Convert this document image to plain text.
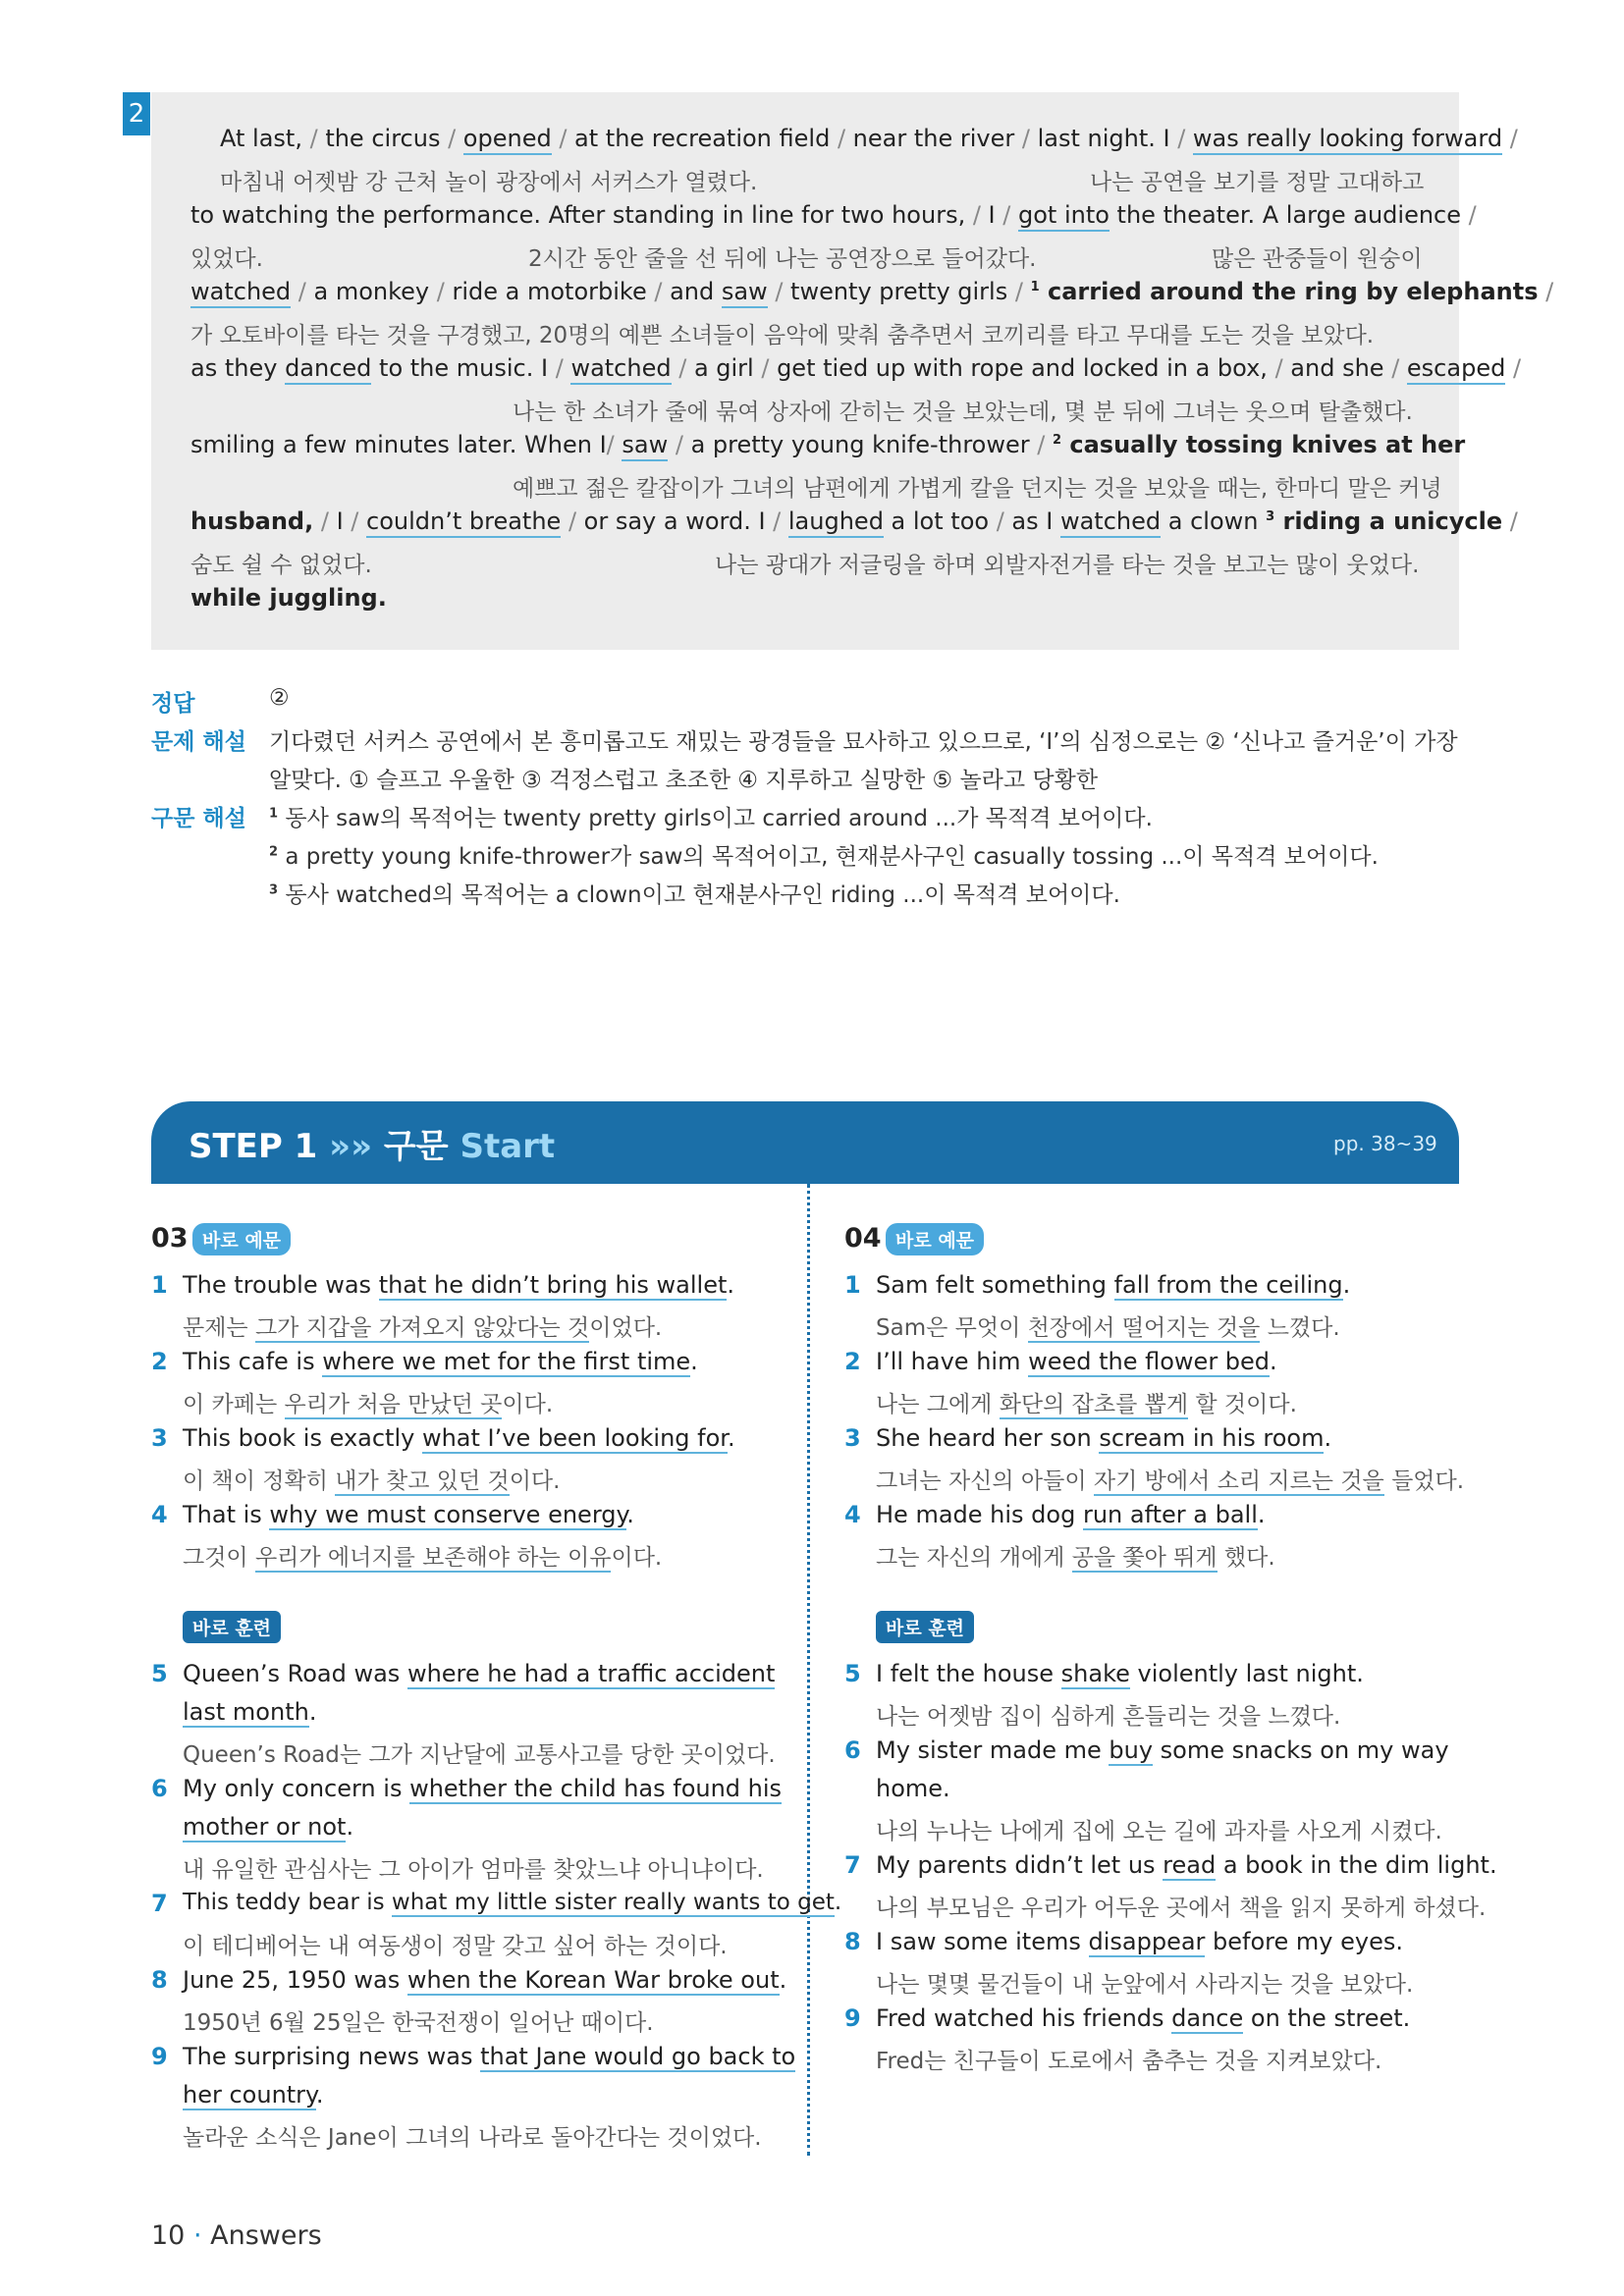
2
At last, / the circus / opened / at the recreation field / near the river / last night. I / was really looking forward /
마침내 어젯밤 강 근처 놀이 광장에서 서커스가 열렸다.	나는 공연을 보기를 정말 고대하고
to watching the performance. After standing in line for two hours, / I / got into the theater. A large audience /
있었다.	2시간 동안 줄을 선 뒤에 나는 공연장으로 들어갔다.	많은 관중들이 원숭이
watched / a monkey / ride a motorbike / and saw / twenty pretty girls / $^1$ carried around the ring by elephants /
가 오토바이를 타는 것을 구경했고, 20명의 예쁜 소녀들이 음악에 맞춰 춤추면서 코끼리를 타고 무대를 도는 것을 보았다.
as they danced to the music. I / watched / a girl / get tied up with rope and locked in a box, / and she / escaped /
나는 한 소녀가 줄에 묶여 상자에 갇히는 것을 보았는데, 몇 분 뒤에 그녀는 웃으며 탈출했다.
smiling a few minutes later. When I/ saw / a pretty young knife-thrower / $^2$ casually tossing knives at her
예쁘고 젊은 칼잡이가 그녀의 남편에게 가볍게 칼을 던지는 것을 보았을 때는, 한마디 말은 커녕
husband, / I / couldn’t breathe / or say a word. I / laughed a lot too / as I watched a clown $^3$ riding a unicycle /
숨도 쉴 수 없었다.	나는 광대가 저글링을 하며 외발자전거를 타는 것을 보고는 많이 웃었다.
while juggling.
정답	②
문제 해설 기다렸던 서커스 공연에서 본 흥미롭고도 재밌는 광경들을 묘사하고 있으므로, ‘I’의 심정으로는 ② ‘신나고 즐거운’이 가장
알맞다. ① 슬프고 우울한 ③ 걱정스럽고 초조한 ④ 지루하고 실망한 ⑤ 놀라고 당황한
구문 해설 $^1$ 동사 saw의 목적어는 twenty pretty girls이고 carried around ...가 목적격 보어이다.
$^2$ a pretty young knife-thrower가 saw의 목적어이고, 현재분사구인 casually tossing ...이 목적격 보어이다.
$^3$ 동사 watched의 목적어는 a clown이고 현재분사구인 riding ...이 목적격 보어이다.
STEP 1 »» 구문 Start	pp. 38~39
03 바로 예문
1 The trouble was that he didn’t bring his wallet.
문제는 그가 지갑을 가져오지 않았다는 것이었다.
2 This cafe is where we met for the first time.
이 카페는 우리가 처음 만났던 곳이다.
3 This book is exactly what I’ve been looking for.
이 책이 정확히 내가 찾고 있던 것이다.
4 That is why we must conserve energy.
그것이 우리가 에너지를 보존해야 하는 이유이다.
바로 훈련
5 Queen’s Road was where he had a traffic accident
last month.
Queen’s Road는 그가 지난달에 교통사고를 당한 곳이었다.
6 My only concern is whether the child has found his
mother or not.
내 유일한 관심사는 그 아이가 엄마를 찾았느냐 아니냐이다.
7 This teddy bear is what my little sister really wants to get.
이 테디베어는 내 여동생이 정말 갖고 싶어 하는 것이다.
8 June 25, 1950 was when the Korean War broke out.
1950년 6월 25일은 한국전쟁이 일어난 때이다.
9 The surprising news was that Jane would go back to
her country.
놀라운 소식은 Jane이 그녀의 나라로 돌아간다는 것이었다.
04 바로 예문
1 Sam felt something fall from the ceiling.
Sam은 무엇이 천장에서 떨어지는 것을 느꼈다.
2 I’ll have him weed the flower bed.
나는 그에게 화단의 잡초를 뽑게 할 것이다.
3 She heard her son scream in his room.
그녀는 자신의 아들이 자기 방에서 소리 지르는 것을 들었다.
4 He made his dog run after a ball.
그는 자신의 개에게 공을 쫓아 뛰게 했다.
바로 훈련
5 I felt the house shake violently last night.
나는 어젯밤 집이 심하게 흔들리는 것을 느꼈다.
6 My sister made me buy some snacks on my way
home.
나의 누나는 나에게 집에 오는 길에 과자를 사오게 시켰다.
7 My parents didn’t let us read a book in the dim light.
나의 부모님은 우리가 어두운 곳에서 책을 읽지 못하게 하셨다.
8 I saw some items disappear before my eyes.
나는 몇몇 물건들이 내 눈앞에서 사라지는 것을 보았다.
9 Fred watched his friends dance on the street.
Fred는 친구들이 도로에서 춤추는 것을 지켜보았다.
10 · Answers
